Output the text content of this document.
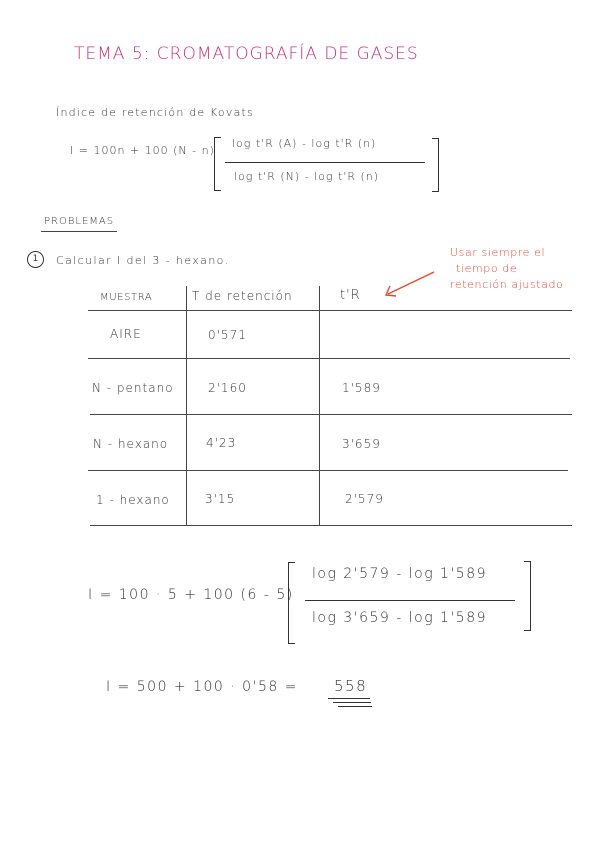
TEMA 5: CROMATOGRAFÍA DE GASES
Índice de retención de Kovats
I = 100n + 100 (N - n)
log t'R (A) - log t'R (n)
log t'R (N) - log t'R (n)
PROBLEMAS
1	Calcular I del 3 - hexano.
Usar siempre el
tiempo de
retención ajustado
MUESTRA	T de retención	t'R
AIRE	0'571
N - pentano	2'160	1'589
N - hexano	4'23	3'659
1 - hexano	3'15	2'579
I = 100 · 5 + 100 (6 - 5)
log 2'579 - log 1'589
log 3'659 - log 1'589
I = 500 + 100 · 0'58 = 558
